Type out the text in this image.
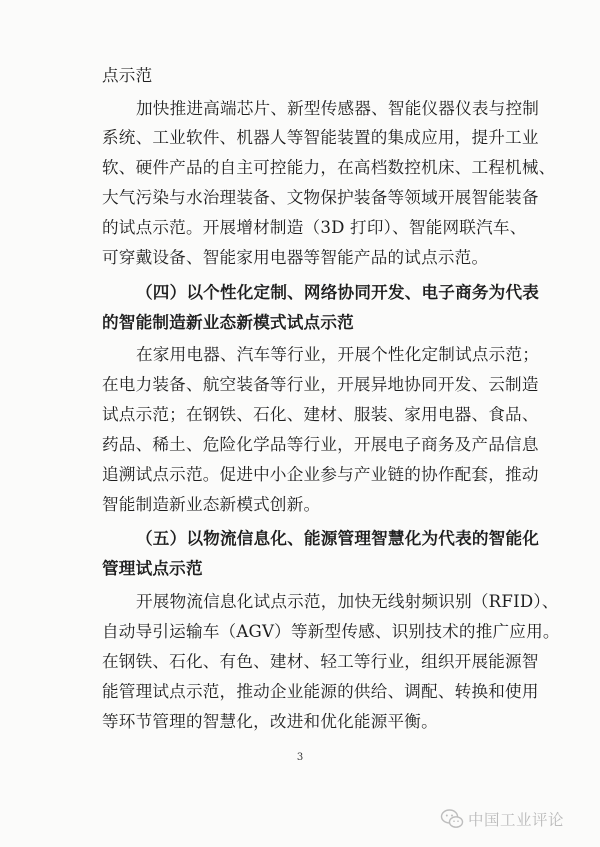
点示范
加快推进高端芯片、新型传感器、智能仪器仪表与控制
系统、工业软件、机器人等智能装置的集成应用，提升工业
软、硬件产品的自主可控能力，在高档数控机床、工程机械、
大气污染与水治理装备、文物保护装备等领域开展智能装备
的试点示范。开展增材制造（3D 打印）、智能网联汽车、
可穿戴设备、智能家用电器等智能产品的试点示范。
（四）以个性化定制、网络协同开发、电子商务为代表
的智能制造新业态新模式试点示范
在家用电器、汽车等行业，开展个性化定制试点示范；
在电力装备、航空装备等行业，开展异地协同开发、云制造
试点示范；在钢铁、石化、建材、服装、家用电器、食品、
药品、稀土、危险化学品等行业，开展电子商务及产品信息
追溯试点示范。促进中小企业参与产业链的协作配套，推动
智能制造新业态新模式创新。
（五）以物流信息化、能源管理智慧化为代表的智能化
管理试点示范
开展物流信息化试点示范，加快无线射频识别（RFID）、
自动导引运输车（AGV）等新型传感、识别技术的推广应用。
在钢铁、石化、有色、建材、轻工等行业，组织开展能源智
能管理试点示范，推动企业能源的供给、调配、转换和使用
等环节管理的智慧化，改进和优化能源平衡。
3
中国工业评论
